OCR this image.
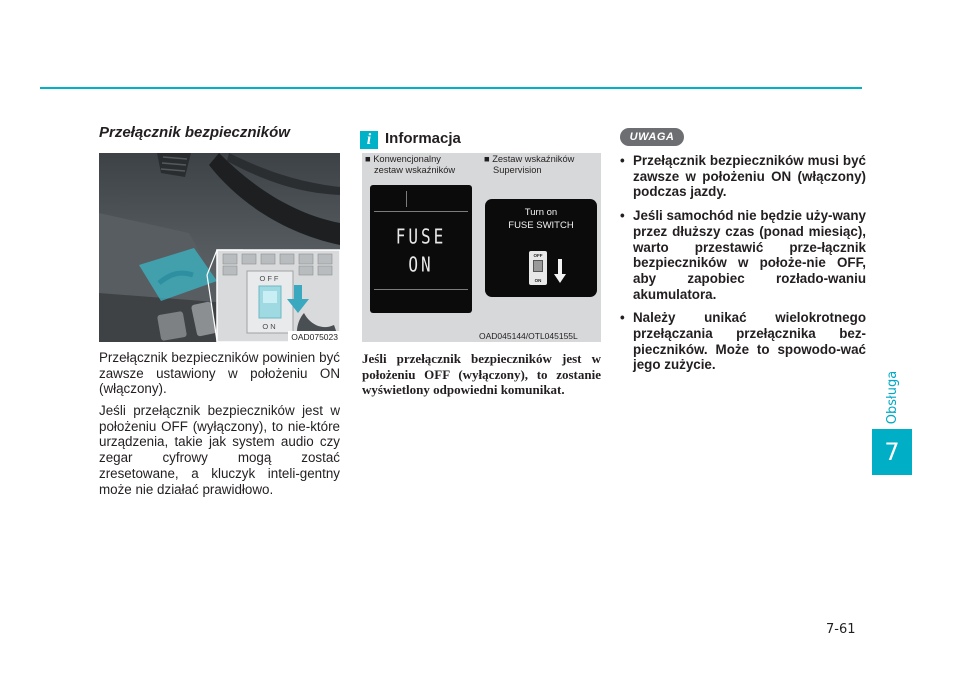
Przełącznik bezpieczników
OFF
ON
OAD075023

Przełącznik bezpieczników powinien być zawsze ustawiony w położeniu ON (włączony).

Jeśli przełącznik bezpieczników jest w położeniu OFF (wyłączony), to nie-które urządzenia, takie jak system audio czy zegar cyfrowy mogą zostać zresetowane, a kluczyk inteli-gentny może nie działać prawidłowo.

i Informacja
■ Konwencjonalny
zestaw wskaźników
■ Zestaw wskaźników
Supervision
FUSE
ON
Turn on
FUSE SWITCH
OFF
ON
OAD045144/OTL045155L

Jeśli przełącznik bezpieczników jest w położeniu OFF (wyłączony), to zostanie wyświetlony odpowiedni komunikat.

UWAGA
• Przełącznik bezpieczników musi być zawsze w położeniu ON (włączony) podczas jazdy.
• Jeśli samochód nie będzie uży-wany przez dłuższy czas (ponad miesiąc), warto przestawić prze-łącznik bezpieczników w położe-nie OFF, aby zapobiec rozłado-waniu akumulatora.
• Należy unikać wielokrotnego przełączania przełącznika bez-pieczników. Może to spowodo-wać jego zużycie.
Obsługa
7
7-61
